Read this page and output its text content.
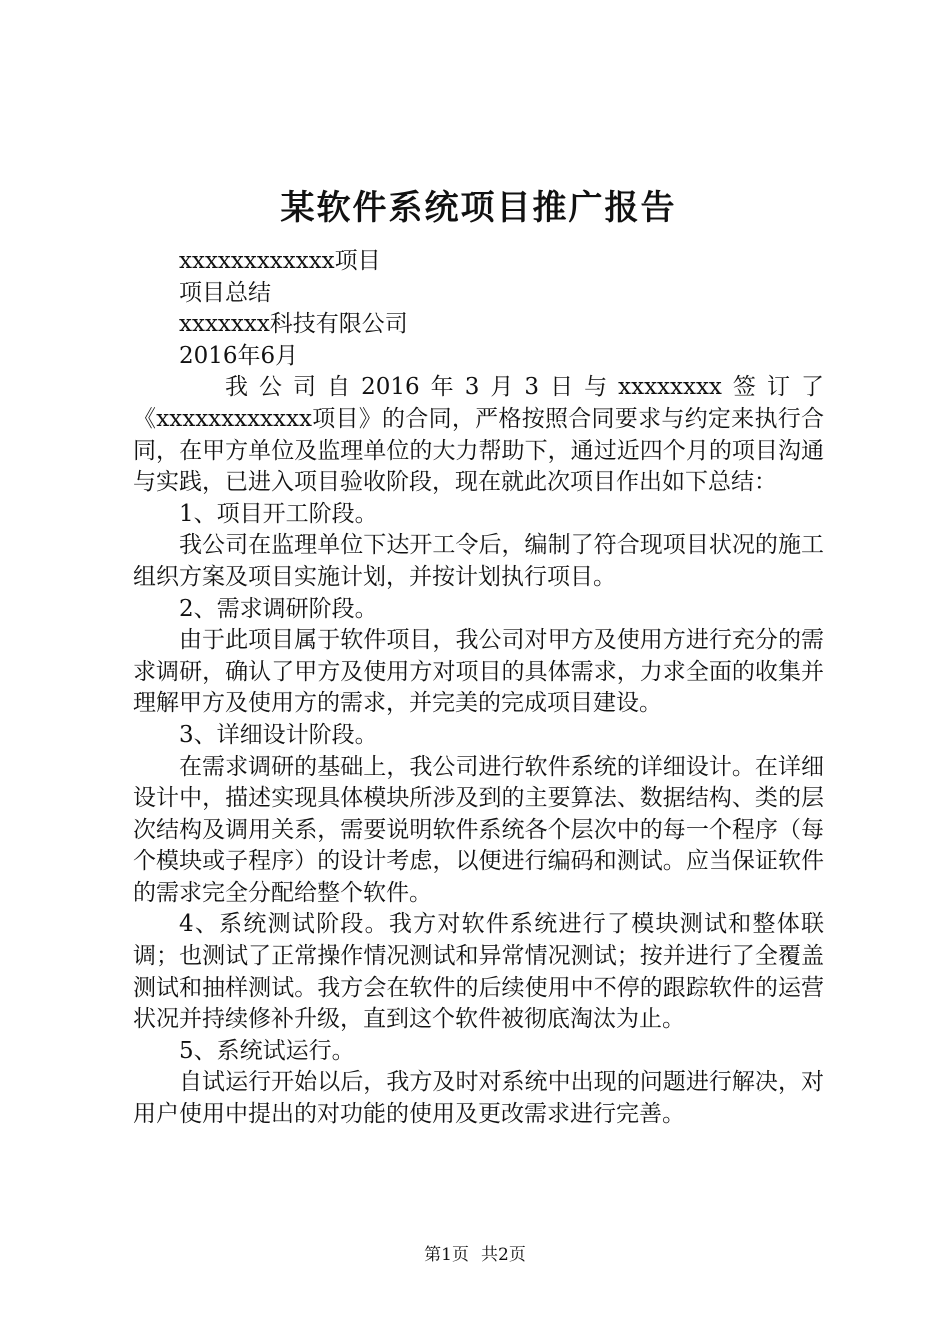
某软件系统项目推广报告

xxxxxxxxxxxx项目

项目总结

xxxxxxx科技有限公司

2016年6月

我公司自2016年3月3日与xxxxxxxx签订了《xxxxxxxxxxxx项目》的合同，严格按照合同要求与约定来执行合同，在甲方单位及监理单位的大力帮助下，通过近四个月的项目沟通与实践，已进入项目验收阶段，现在就此次项目作出如下总结：

1、项目开工阶段。

我公司在监理单位下达开工令后，编制了符合现项目状况的施工组织方案及项目实施计划，并按计划执行项目。

2、需求调研阶段。

由于此项目属于软件项目，我公司对甲方及使用方进行充分的需求调研，确认了甲方及使用方对项目的具体需求，力求全面的收集并理解甲方及使用方的需求，并完美的完成项目建设。

3、详细设计阶段。

在需求调研的基础上，我公司进行软件系统的详细设计。在详细设计中，描述实现具体模块所涉及到的主要算法、数据结构、类的层次结构及调用关系，需要说明软件系统各个层次中的每一个程序（每个模块或子程序）的设计考虑，以便进行编码和测试。应当保证软件的需求完全分配给整个软件。

4、系统测试阶段。我方对软件系统进行了模块测试和整体联调；也测试了正常操作情况测试和异常情况测试；按并进行了全覆盖测试和抽样测试。我方会在软件的后续使用中不停的跟踪软件的运营状况并持续修补升级，直到这个软件被彻底淘汰为止。

5、系统试运行。

自试运行开始以后，我方及时对系统中出现的问题进行解决，对用户使用中提出的对功能的使用及更改需求进行完善。

第1页 共2页
